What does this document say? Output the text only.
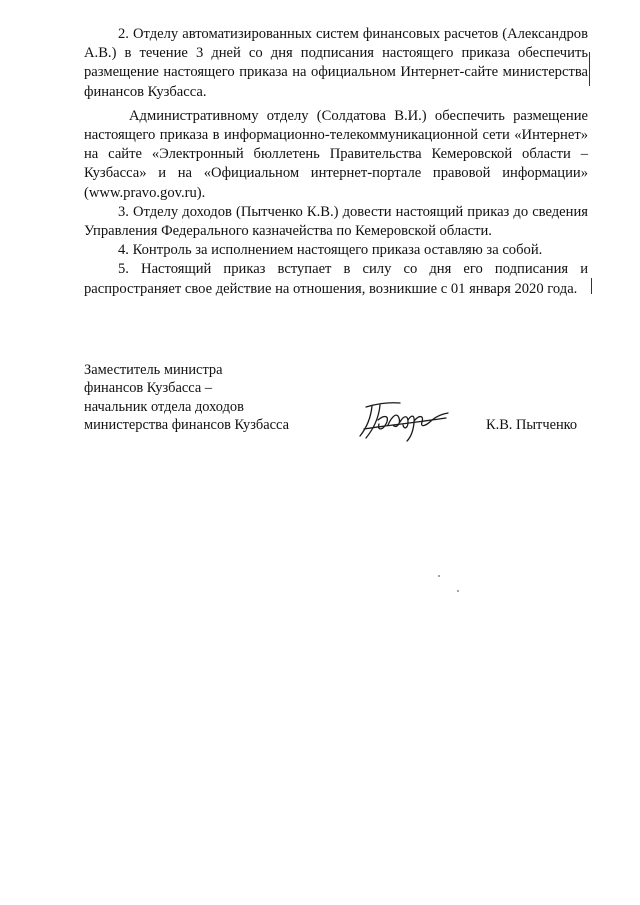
2. Отделу автоматизированных систем финансовых расчетов (Александров А.В.) в течение 3 дней со дня подписания настоящего приказа обеспечить размещение настоящего приказа на официальном Интернет-сайте министерства финансов Кузбасса.

Административному отделу (Солдатова В.И.) обеспечить размещение настоящего приказа в информационно-телекоммуникационной сети «Интернет» на сайте «Электронный бюллетень Правительства Кемеровской области – Кузбасса» и на «Официальном интернет-портале правовой информации» (www.pravo.gov.ru).

3. Отделу доходов (Пытченко К.В.) довести настоящий приказ до сведения Управления Федерального казначейства по Кемеровской области.

4. Контроль за исполнением настоящего приказа оставляю за собой.

5. Настоящий приказ вступает в силу со дня его подписания и распространяет свое действие на отношения, возникшие с 01 января 2020 года.

Заместитель министра
финансов Кузбасса –
начальник отдела доходов
министерства финансов Кузбасса	К.В. Пытченко
